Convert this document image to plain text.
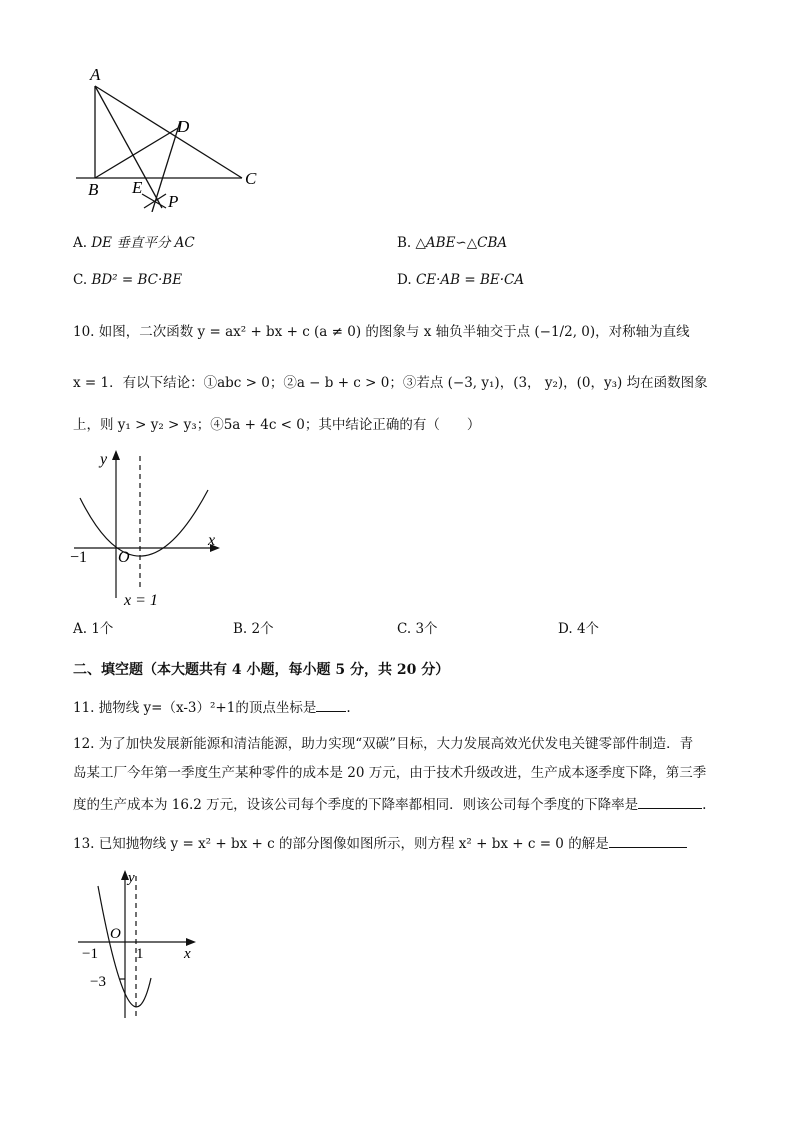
A
B
C
D
E
P
A. DE 垂直平分 AC	B. △ABE∽△CBA
C. BD² = BC·BE	D. CE·AB = BE·CA
10. 如图，二次函数 y = ax² + bx + c (a ≠ 0) 的图象与 x 轴负半轴交于点 (−1/2, 0)，对称轴为直线
x = 1．有以下结论：①abc > 0；②a − b + c > 0；③若点 (−3, y₁)，(3， y₂)，(0，y₃) 均在函数图象
上，则 y₁ > y₂ > y₃；④5a + 4c < 0；其中结论正确的有（　　）
y
x
O
−1
x = 1
A. 1个	B. 2个	C. 3个	D. 4个
二、填空题（本大题共有 4 小题，每小题 5 分，共 20 分）
11. 抛物线 y=（x-3）²+1的顶点坐标是 .
12. 为了加快发展新能源和清洁能源，助力实现“双碳”目标，大力发展高效光伏发电关键零部件制造．青
岛某工厂今年第一季度生产某种零件的成本是 20 万元，由于技术升级改进，生产成本逐季度下降，第三季
度的生产成本为 16.2 万元，设该公司每个季度的下降率都相同．则该公司每个季度的下降率是	.
13. 已知抛物线 y = x² + bx + c 的部分图像如图所示，则方程 x² + bx + c = 0 的解是
y
x
O
−1	1
−3
